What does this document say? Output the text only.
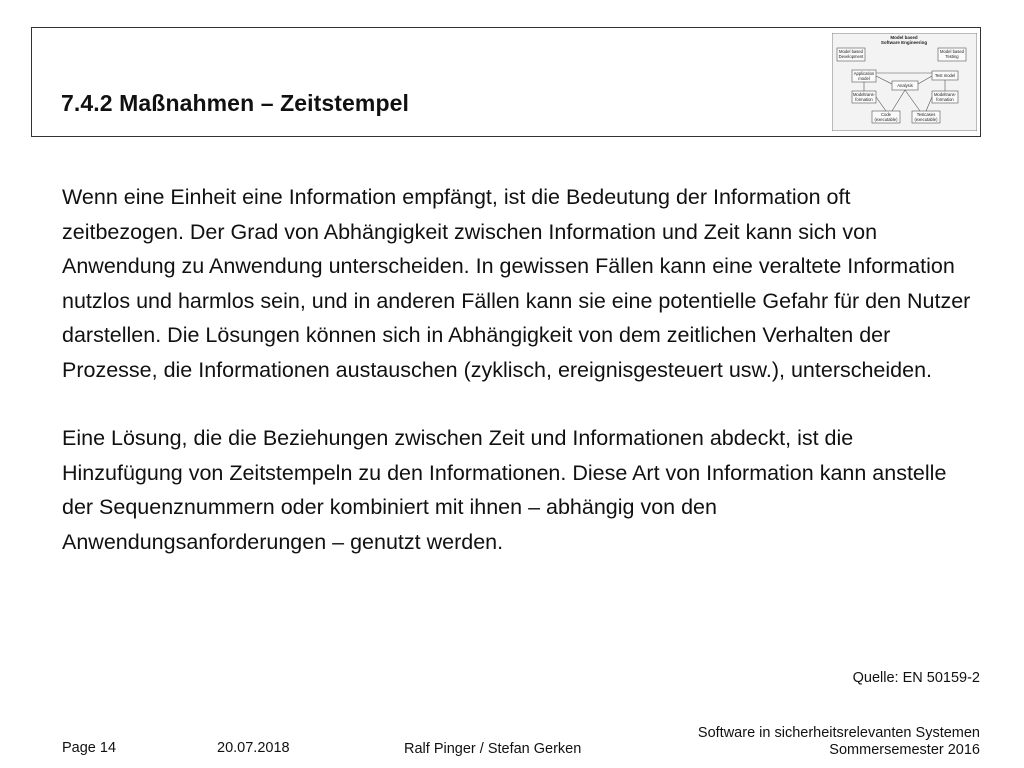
7.4.2 Maßnahmen – Zeitstempel
Model based
Software Engineering
Model based
Development
Model based
Testing
Application
model
Test model
Analysis
Modeltrans-
formation
Modeltrans-
formation
Code
(executable)
Testcases
(executable)

Wenn eine Einheit eine Information empfängt, ist die Bedeutung der Information oft zeitbezogen. Der Grad von Abhängigkeit zwischen Information und Zeit kann sich von Anwendung zu Anwendung unterscheiden. In gewissen Fällen kann eine veraltete Information nutzlos und harmlos sein, und in anderen Fällen kann sie eine potentielle Gefahr für den Nutzer darstellen. Die Lösungen können sich in Abhängigkeit von dem zeitlichen Verhalten der Prozesse, die Informationen austauschen (zyklisch, ereignisgesteuert usw.), unterscheiden.

Eine Lösung, die die Beziehungen zwischen Zeit und Informationen abdeckt, ist die Hinzufügung von Zeitstempeln zu den Informationen. Diese Art von Information kann anstelle der Sequenznummern oder kombiniert mit ihnen – abhängig von den Anwendungsanforderungen – genutzt werden.

Quelle: EN 50159-2
Page 14	20.07.2018	Ralf Pinger / Stefan Gerken
Software in sicherheitsrelevanten Systemen
Sommersemester 2016
